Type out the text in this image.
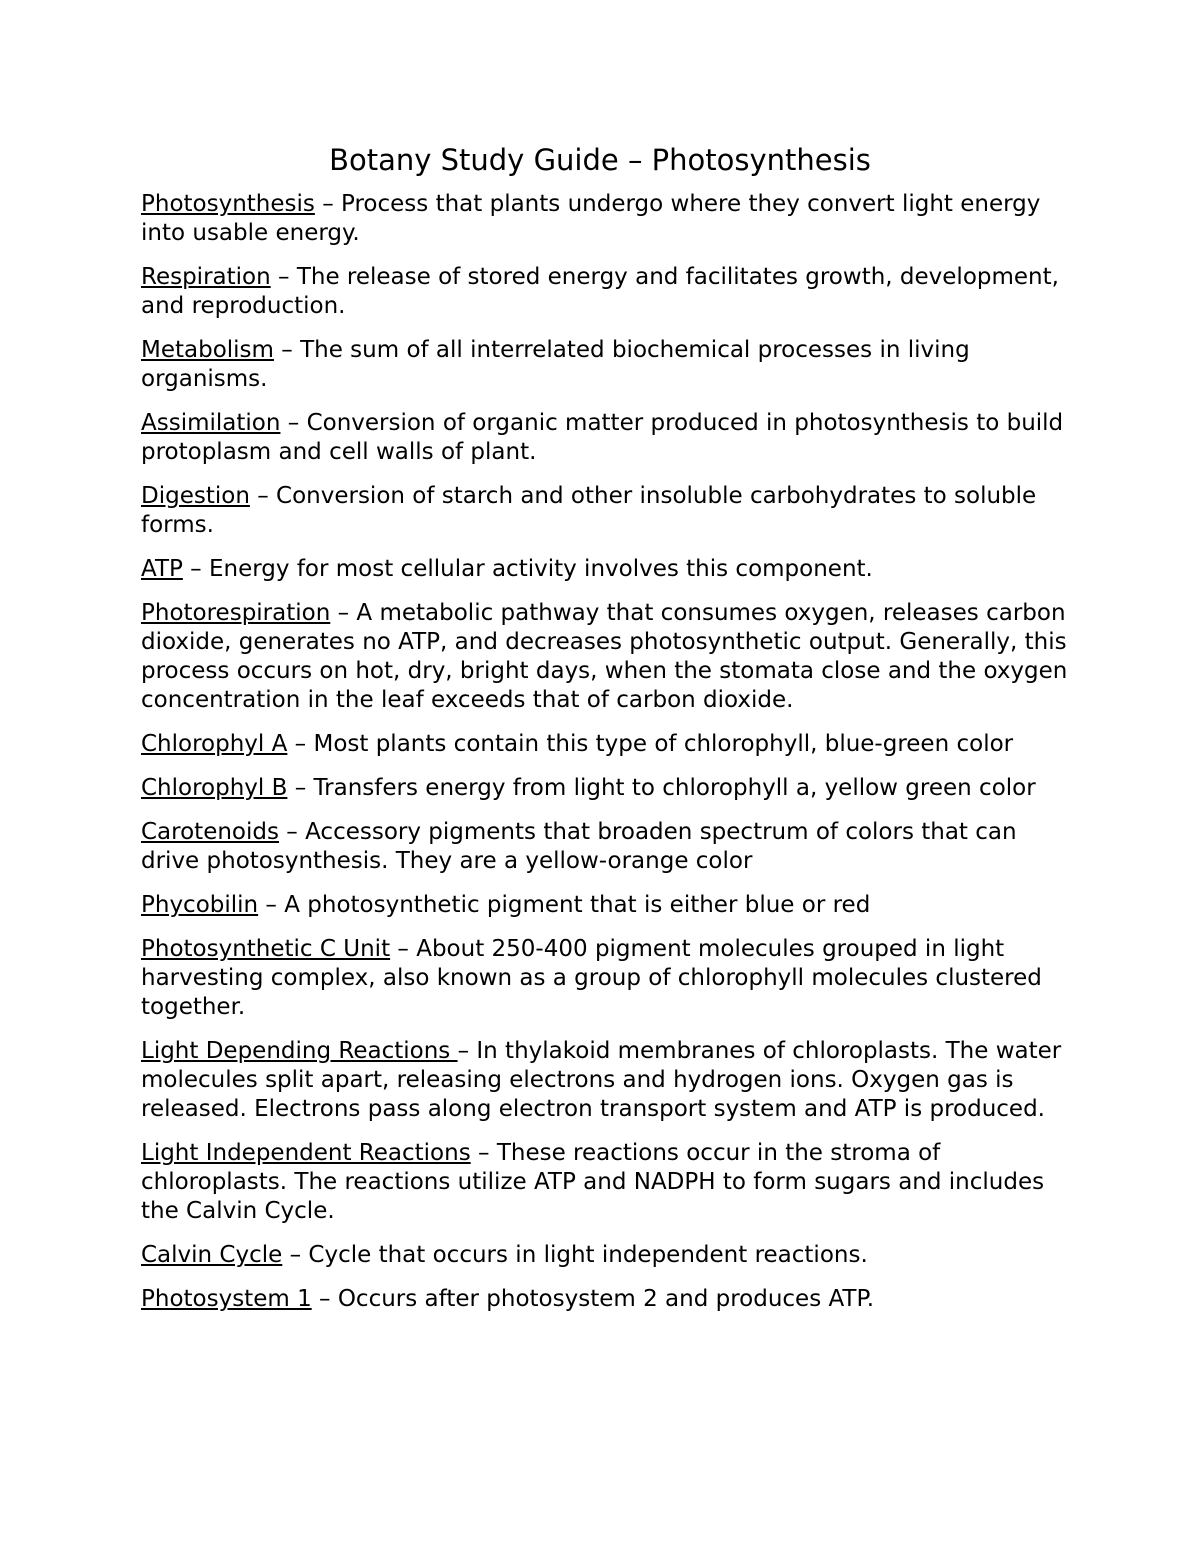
Botany Study Guide – Photosynthesis

Photosynthesis – Process that plants undergo where they convert light energy into usable energy.

Respiration – The release of stored energy and facilitates growth, development, and reproduction.

Metabolism – The sum of all interrelated biochemical processes in living organisms.

Assimilation – Conversion of organic matter produced in photosynthesis to build protoplasm and cell walls of plant.

Digestion – Conversion of starch and other insoluble carbohydrates to soluble forms.

ATP – Energy for most cellular activity involves this component.

Photorespiration – A metabolic pathway that consumes oxygen, releases carbon dioxide, generates no ATP, and decreases photosynthetic output. Generally, this process occurs on hot, dry, bright days, when the stomata close and the oxygen concentration in the leaf exceeds that of carbon dioxide.

Chlorophyl A – Most plants contain this type of chlorophyll, blue-green color

Chlorophyl B – Transfers energy from light to chlorophyll a, yellow green color

Carotenoids – Accessory pigments that broaden spectrum of colors that can drive photosynthesis. They are a yellow-orange color

Phycobilin – A photosynthetic pigment that is either blue or red

Photosynthetic C Unit – About 250-400 pigment molecules grouped in light harvesting complex, also known as a group of chlorophyll molecules clustered together.

Light Depending Reactions – In thylakoid membranes of chloroplasts. The water molecules split apart, releasing electrons and hydrogen ions. Oxygen gas is released. Electrons pass along electron transport system and ATP is produced.

Light Independent Reactions – These reactions occur in the stroma of chloroplasts. The reactions utilize ATP and NADPH to form sugars and includes the Calvin Cycle.

Calvin Cycle – Cycle that occurs in light independent reactions.

Photosystem 1 – Occurs after photosystem 2 and produces ATP.
